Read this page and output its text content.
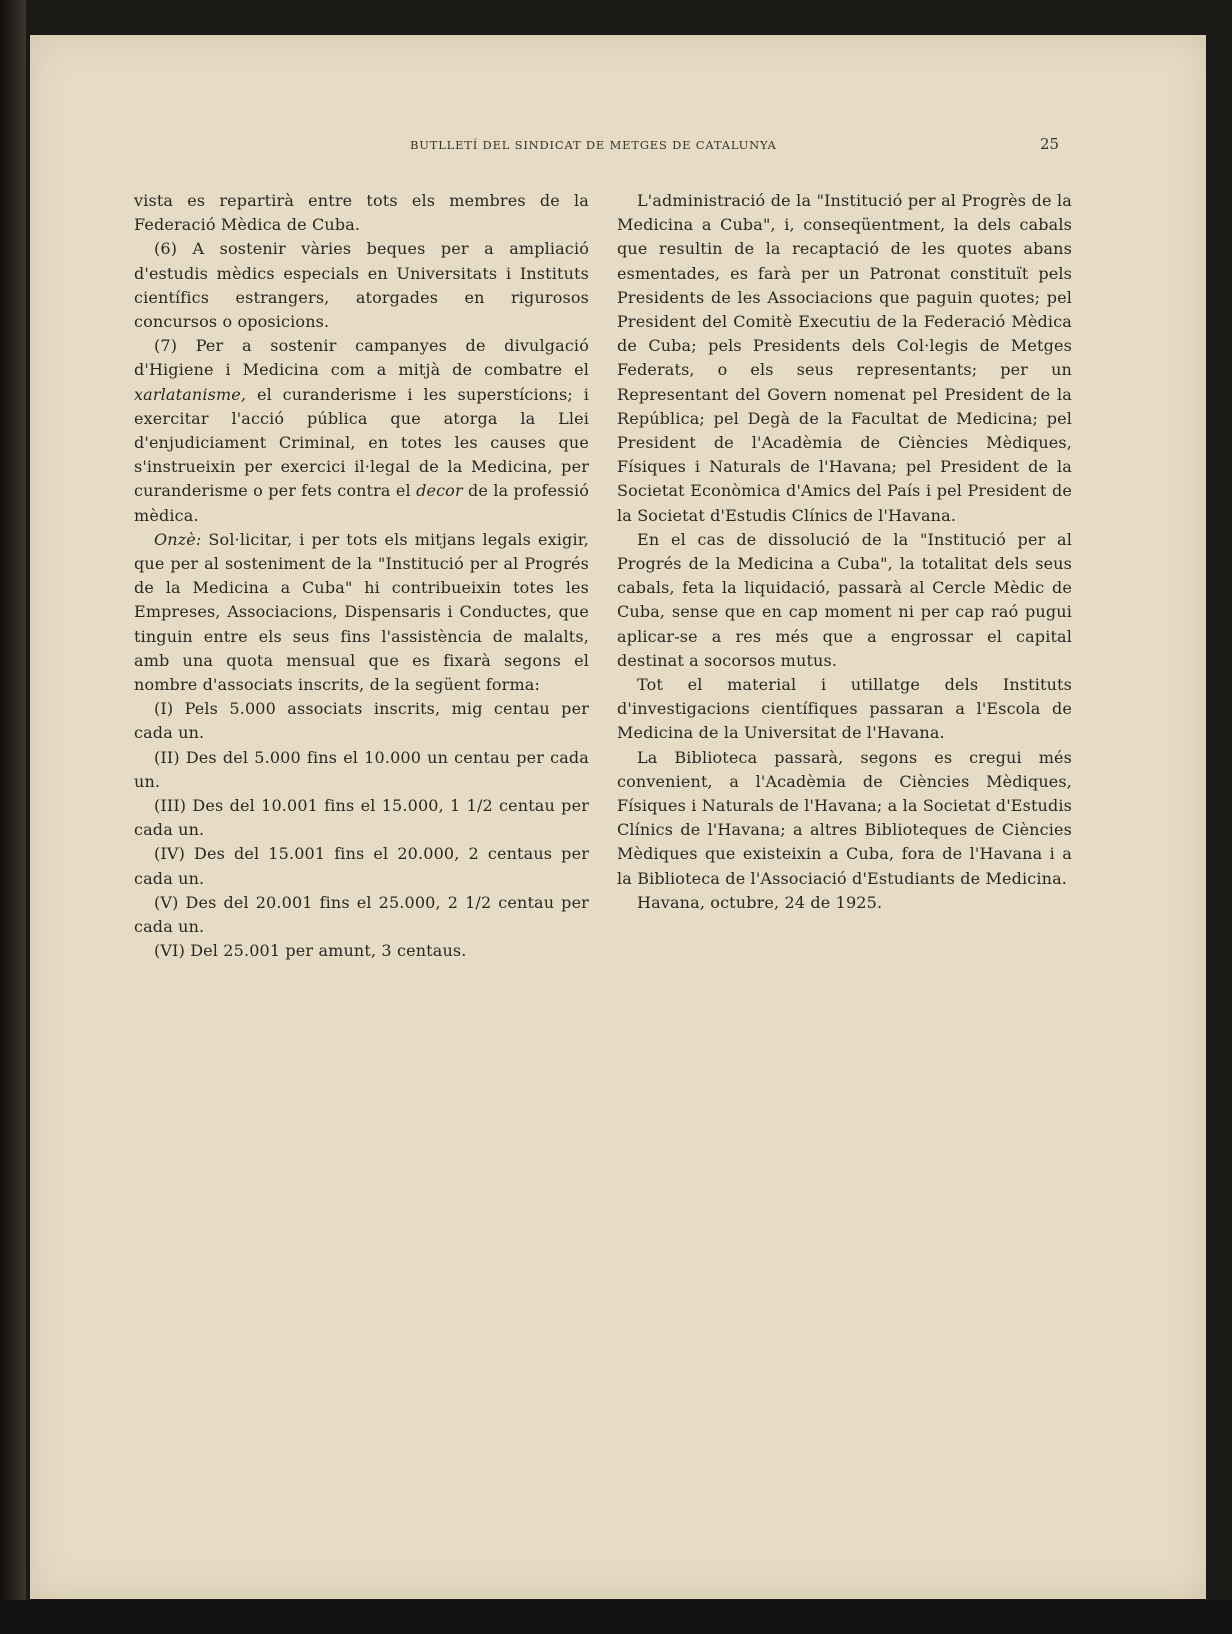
BUTLLETÍ DEL SINDICAT DE METGES DE CATALUNYA	25

vista es repartirà entre tots els membres de la Federació Mèdica de Cuba.

(6) A sostenir vàries beques per a ampliació d'estudis mèdics especials en Universitats i Instituts científics estrangers, atorgades en rigurosos concursos o oposicions.

(7) Per a sostenir campanyes de divulgació d'Higiene i Medicina com a mitjà de combatre el xarlatanisme, el curanderisme i les superstícions; i exercitar l'acció pública que atorga la Llei d'enjudiciament Criminal, en totes les causes que s'instrueixin per exercici il·legal de la Medicina, per curanderisme o per fets contra el decor de la professió mèdica.

Onzè: Sol·licitar, i per tots els mitjans legals exigir, que per al sosteniment de la "Institució per al Progrés de la Medicina a Cuba" hi contribueixin totes les Empreses, Associacions, Dispensaris i Conductes, que tinguin entre els seus fins l'assistència de malalts, amb una quota mensual que es fixarà segons el nombre d'associats inscrits, de la següent forma:

(I) Pels 5.000 associats inscrits, mig centau per cada un.

(II) Des del 5.000 fins el 10.000 un centau per cada un.

(III) Des del 10.001 fins el 15.000, 1 1/2 centau per cada un.

(IV) Des del 15.001 fins el 20.000, 2 centaus per cada un.

(V) Des del 20.001 fins el 25.000, 2 1/2 centau per cada un.

(VI) Del 25.001 per amunt, 3 centaus.

L'administració de la "Institució per al Progrès de la Medicina a Cuba", i, conseqüentment, la dels cabals que resultin de la recaptació de les quotes abans esmentades, es farà per un Patronat constituït pels Presidents de les Associacions que paguin quotes; pel President del Comitè Executiu de la Federació Mèdica de Cuba; pels Presidents dels Col·legis de Metges Federats, o els seus representants; per un Representant del Govern nomenat pel President de la República; pel Degà de la Facultat de Medicina; pel President de l'Acadèmia de Ciències Mèdiques, Físiques i Naturals de l'Havana; pel President de la Societat Econòmica d'Amics del País i pel President de la Societat d'Estudis Clínics de l'Havana.

En el cas de dissolució de la "Institució per al Progrés de la Medicina a Cuba", la totalitat dels seus cabals, feta la liquidació, passarà al Cercle Mèdic de Cuba, sense que en cap moment ni per cap raó pugui aplicar-se a res més que a engrossar el capital destinat a socorsos mutus.

Tot el material i utillatge dels Instituts d'investigacions científiques passaran a l'Escola de Medicina de la Universitat de l'Havana.

La Biblioteca passarà, segons es cregui més convenient, a l'Acadèmia de Ciències Mèdiques, Físiques i Naturals de l'Havana; a la Societat d'Estudis Clínics de l'Havana; a altres Biblioteques de Ciències Mèdiques que existeixin a Cuba, fora de l'Havana i a la Biblioteca de l'Associació d'Estudiants de Medicina.

Havana, octubre, 24 de 1925.
